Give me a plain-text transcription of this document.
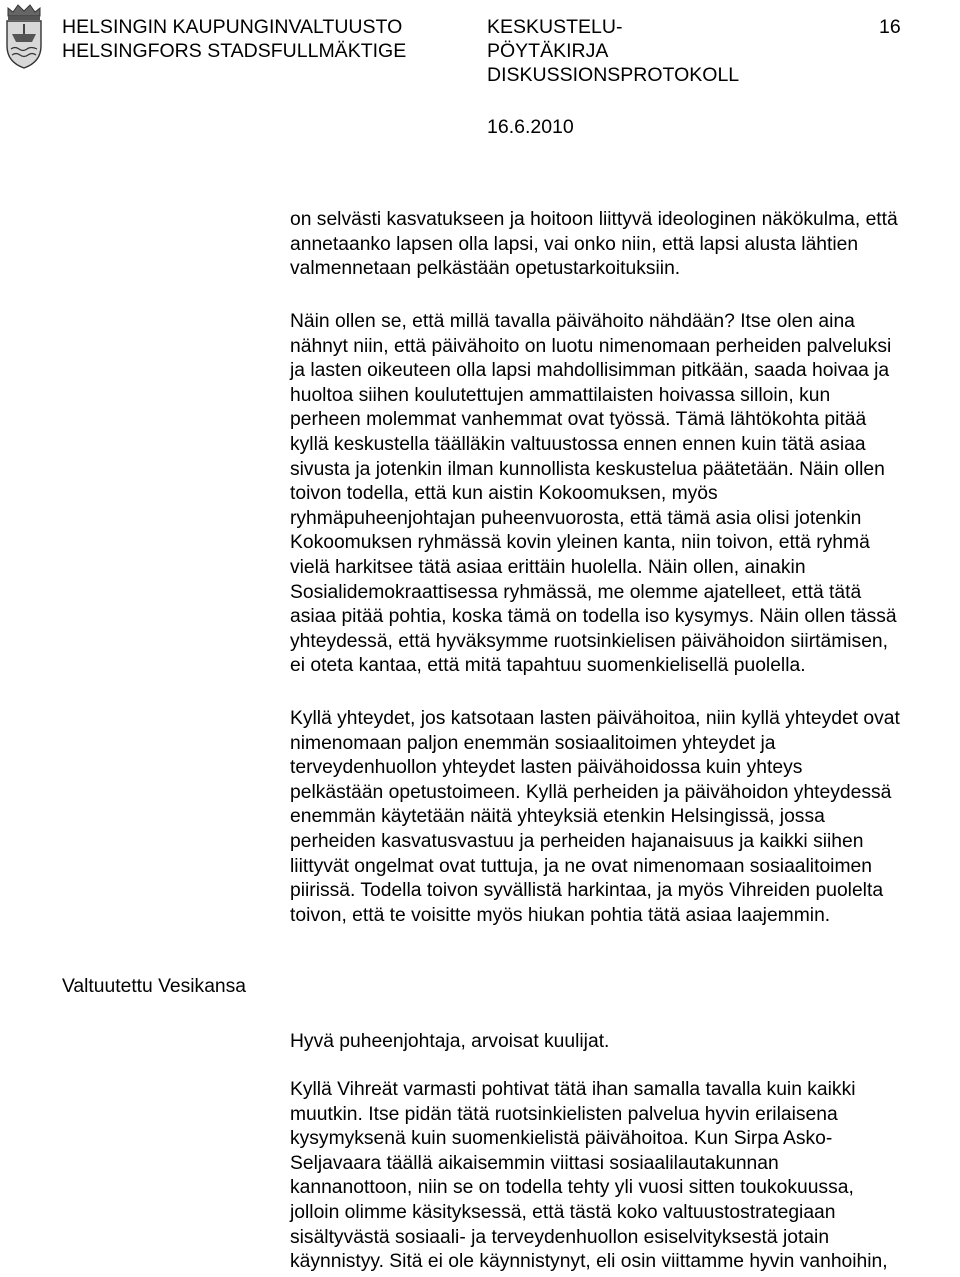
HELSINGIN KAUPUNGINVALTUUSTO
HELSINGFORS STADSFULLMÄKTIGE
KESKUSTELU-
PÖYTÄKIRJA
DISKUSSIONSPROTOKOLL
16
16.6.2010
on selvästi kasvatukseen ja hoitoon liittyvä ideologinen näkökulma, että
annetaanko lapsen olla lapsi, vai onko niin, että lapsi alusta lähtien
valmennetaan pelkästään opetustarkoituksiin.
Näin ollen se, että millä tavalla päivähoito nähdään? Itse olen aina
nähnyt niin, että päivähoito on luotu nimenomaan perheiden palveluksi
ja lasten oikeuteen olla lapsi mahdollisimman pitkään, saada hoivaa ja
huoltoa siihen koulutettujen ammattilaisten hoivassa silloin, kun
perheen molemmat vanhemmat ovat työssä. Tämä lähtökohta pitää
kyllä keskustella täälläkin valtuustossa ennen ennen kuin tätä asiaa
sivusta ja jotenkin ilman kunnollista keskustelua päätetään. Näin ollen
toivon todella, että kun aistin Kokoomuksen, myös
ryhmäpuheenjohtajan puheenvuorosta, että tämä asia olisi jotenkin
Kokoomuksen ryhmässä kovin yleinen kanta, niin toivon, että ryhmä
vielä harkitsee tätä asiaa erittäin huolella. Näin ollen, ainakin
Sosialidemokraattisessa ryhmässä, me olemme ajatelleet, että tätä
asiaa pitää pohtia, koska tämä on todella iso kysymys. Näin ollen tässä
yhteydessä, että hyväksymme ruotsinkielisen päivähoidon siirtämisen,
ei oteta kantaa, että mitä tapahtuu suomenkielisellä puolella.
Kyllä yhteydet, jos katsotaan lasten päivähoitoa, niin kyllä yhteydet ovat
nimenomaan paljon enemmän sosiaalitoimen yhteydet ja
terveydenhuollon yhteydet lasten päivähoidossa kuin yhteys
pelkästään opetustoimeen. Kyllä perheiden ja päivähoidon yhteydessä
enemmän käytetään näitä yhteyksiä etenkin Helsingissä, jossa
perheiden kasvatusvastuu ja perheiden hajanaisuus ja kaikki siihen
liittyvät ongelmat ovat tuttuja, ja ne ovat nimenomaan sosiaalitoimen
piirissä. Todella toivon syvällistä harkintaa, ja myös Vihreiden puolelta
toivon, että te voisitte myös hiukan pohtia tätä asiaa laajemmin.
Valtuutettu Vesikansa
Hyvä puheenjohtaja, arvoisat kuulijat.
Kyllä Vihreät varmasti pohtivat tätä ihan samalla tavalla kuin kaikki
muutkin. Itse pidän tätä ruotsinkielisten palvelua hyvin erilaisena
kysymyksenä kuin suomenkielistä päivähoitoa. Kun Sirpa Asko-
Seljavaara täällä aikaisemmin viittasi sosiaalilautakunnan
kannanottoon, niin se on todella tehty yli vuosi sitten toukokuussa,
jolloin olimme käsityksessä, että tästä koko valtuustostrategiaan
sisältyvästä sosiaali- ja terveydenhuollon esiselvityksestä jotain
käynnistyy. Sitä ei ole käynnistynyt, eli osin viittamme hyvin vanhoihin,
